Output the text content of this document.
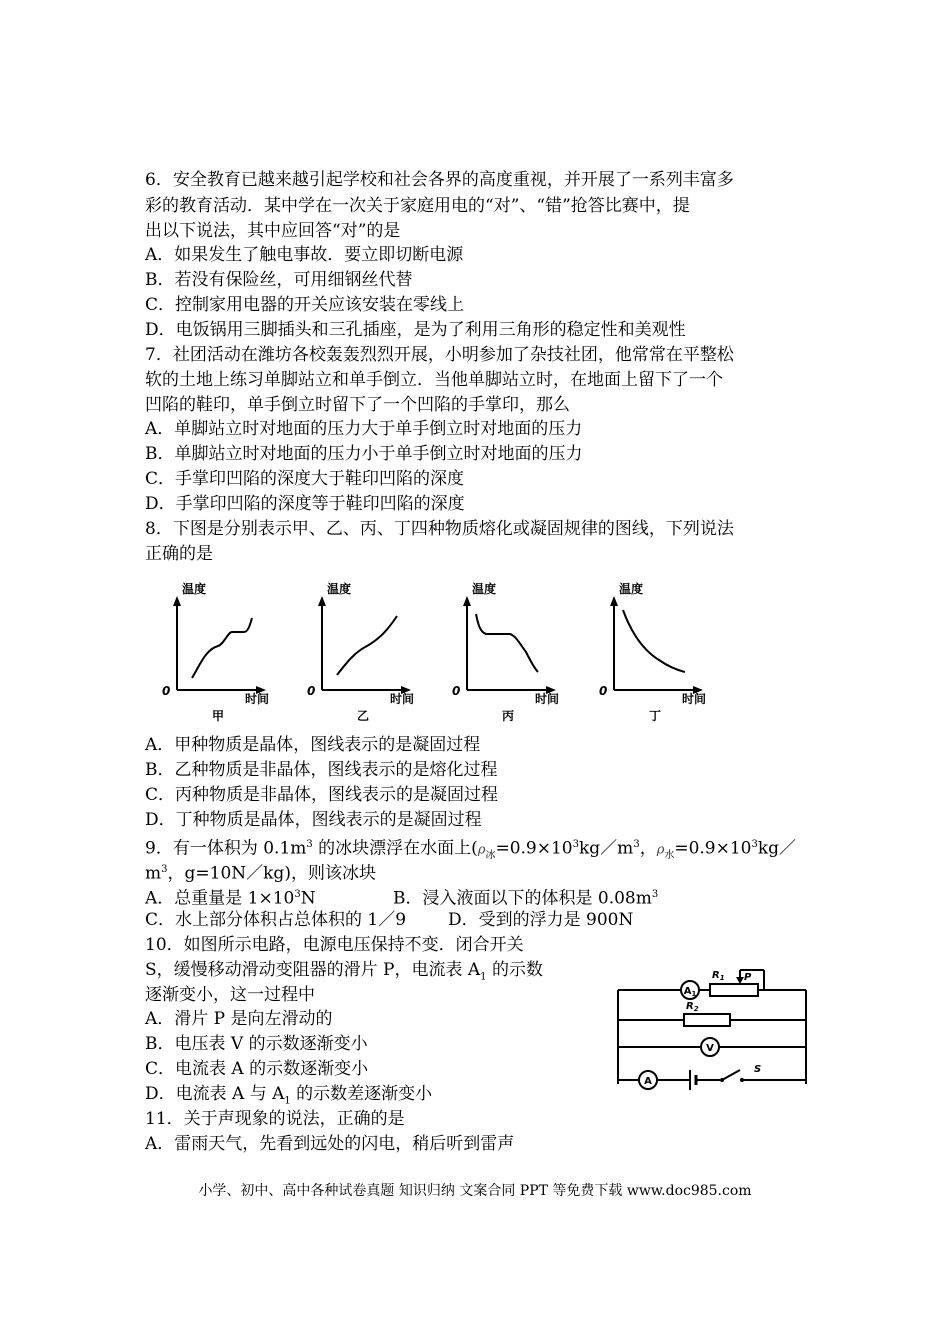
6．安全教育已越来越引起学校和社会各界的高度重视，并开展了一系列丰富多
彩的教育活动．某中学在一次关于家庭用电的“对”、“错”抢答比赛中，提
出以下说法，其中应回答“对”的是
A．如果发生了触电事故．要立即切断电源
B．若没有保险丝，可用细钢丝代替
C．控制家用电器的开关应该安装在零线上
D．电饭锅用三脚插头和三孔插座，是为了利用三角形的稳定性和美观性
7．社团活动在潍坊各校轰轰烈烈开展，小明参加了杂技社团，他常常在平整松
软的土地上练习单脚站立和单手倒立．当他单脚站立时，在地面上留下了一个
凹陷的鞋印，单手倒立时留下了一个凹陷的手掌印，那么
A．单脚站立时对地面的压力大于单手倒立时对地面的压力
B．单脚站立时对地面的压力小于单手倒立时对地面的压力
C．手掌印凹陷的深度大于鞋印凹陷的深度
D．手掌印凹陷的深度等于鞋印凹陷的深度
8．下图是分别表示甲、乙、丙、丁四种物质熔化或凝固规律的图线，下列说法
正确的是
温度
0
时间
甲
温度
0
时间
乙
温度
0
时间
丙
温度
0
时间
丁
A．甲种物质是晶体，图线表示的是凝固过程
B．乙种物质是非晶体，图线表示的是熔化过程
C．丙种物质是非晶体，图线表示的是凝固过程
D．丁种物质是晶体，图线表示的是凝固过程
9．有一体积为 $0.1m^3$ 的冰块漂浮在水面上($\rho_冰=0.9\times 10^3kg/m^3$，$\rho_水=0.9\times 10^3kg/$
$m^3$，g=10N／kg)，则该冰块
A．总重量是 $1\times 10^3N$	B．浸入液面以下的体积是 $0.08m^3$
C．水上部分体积占总体积的 1／9 D．受到的浮力是 900N
10．如图所示电路，电源电压保持不变．闭合开关
S，缓慢移动滑动变阻器的滑片 P，电流表 $A_1$ 的示数
逐渐变小，这一过程中
A．滑片 P 是向左滑动的
B．电压表 V 的示数逐渐变小
C．电流表 A 的示数逐渐变小
D．电流表 A 与 $A_1$ 的示数差逐渐变小
$A_1$
$R_1$ P
$R_2$
V
A
S
11．关于声现象的说法，正确的是
A．雷雨天气，先看到远处的闪电，稍后听到雷声
小学、初中、高中各种试卷真题 知识归纳 文案合同 PPT 等免费下载 www.doc985.com
